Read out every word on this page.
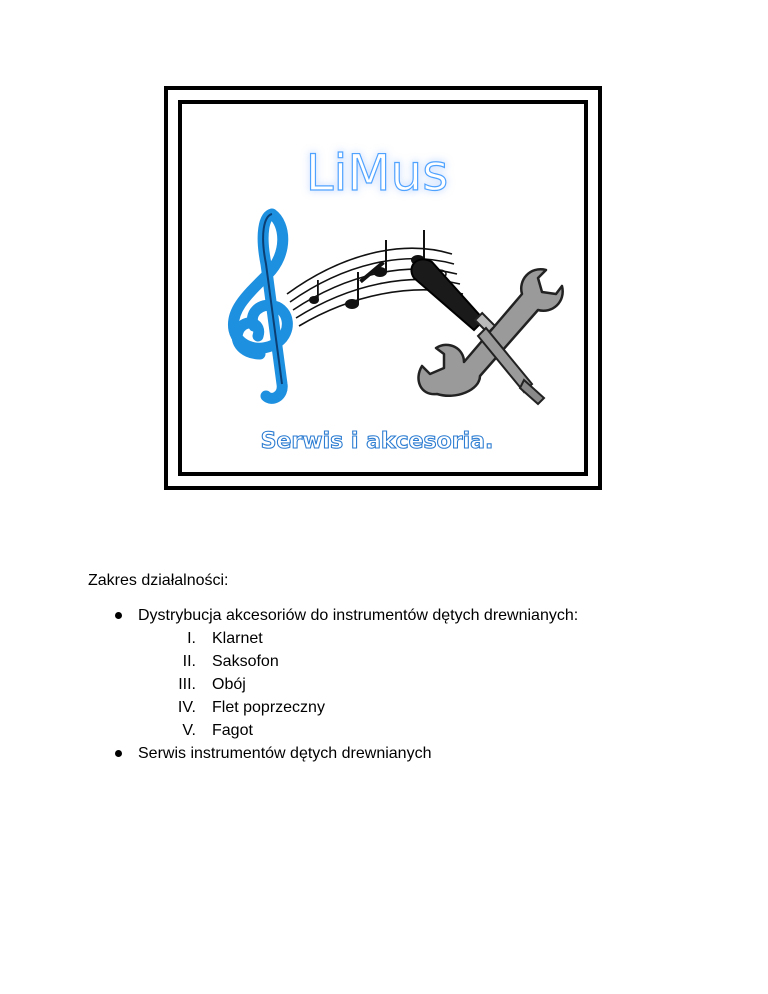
LiMus
Serwis i akcesoria.
Zakres działalności:
Dystrybucja akcesoriów do instrumentów dętych drewnianych:
I. Klarnet
II. Saksofon
III. Obój
IV. Flet poprzeczny
V. Fagot
Serwis instrumentów dętych drewnianych
